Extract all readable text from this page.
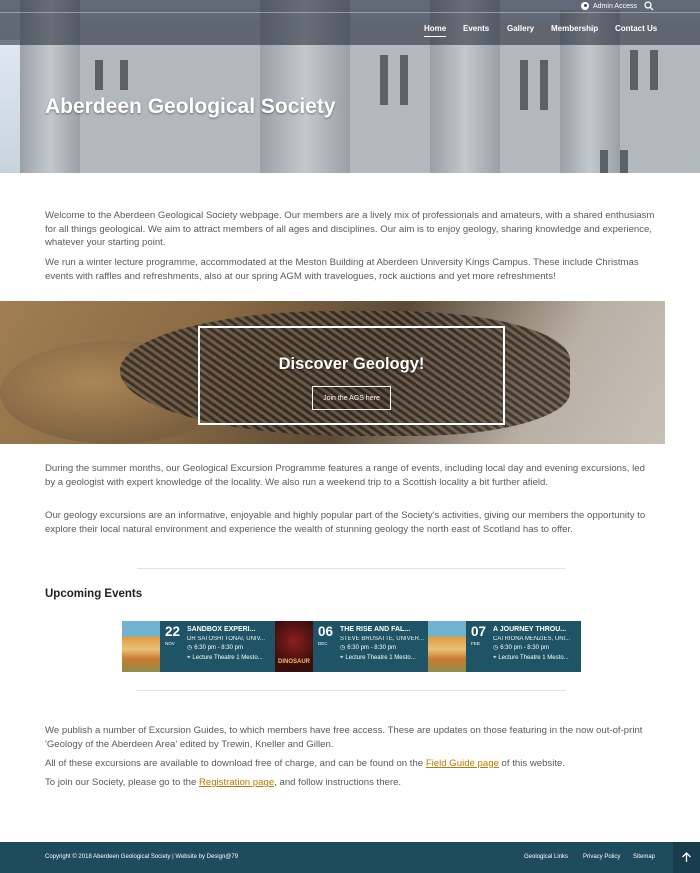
Admin Access
Home Events Gallery Membership Contact Us
Aberdeen Geological Society

Welcome to the Aberdeen Geological Society webpage. Our members are a lively mix of professionals and amateurs, with a shared enthusiasm for all things geological. We aim to attract members of all ages and disciplines. Our aim is to enjoy geology, sharing knowledge and experience, whatever your starting point.

We run a winter lecture programme, accommodated at the Meston Building at Aberdeen University Kings Campus. These include Christmas events with raffles and refreshments, also at our spring AGM with travelogues, rock auctions and yet more refreshments!

Discover Geology!
Join the AGS here

During the summer months, our Geological Excursion Programme features a range of events, including local day and evening excursions, led by a geologist with expert knowledge of the locality. We also run a weekend trip to a Scottish locality a bit further afield.

Our geology excursions are an informative, enjoyable and highly popular part of the Society's activities, giving our members the opportunity to explore their local natural environment and experience the wealth of stunning geology the north east of Scotland has to offer.

Upcoming Events
22
NOV
SANDBOX EXPERI...
DR SATOSHI TONAI, UNIV...
◷ 6:30 pm - 8:30 pm
⌖ Lecture Theatre 1 Mesto...
DINOSAUR
06
DEC
THE RISE AND FAL...
STEVE BRUSATTE, UNIVER...
◷ 6:30 pm - 8:30 pm
⌖ Lecture Theatre 1 Mesto...
07
FEB
A JOURNEY THROU...
CATRIONA MENZIES, UNI...
◷ 6:30 pm - 8:30 pm
⌖ Lecture Theatre 1 Mesto...

We publish a number of Excursion Guides, to which members have free access. These are updates on those featuring in the now out-of-print 'Geology of the Aberdeen Area' edited by Trewin, Kneller and Gillen.

All of these excursions are available to download free of charge, and can be found on the Field Guide page of this website.

To join our Society, please go to the Registration page, and follow instructions there.

Copyright © 2018 Aberdeen Geological Society | Website by Design@79	Geological Links Privacy Policy Sitemap
